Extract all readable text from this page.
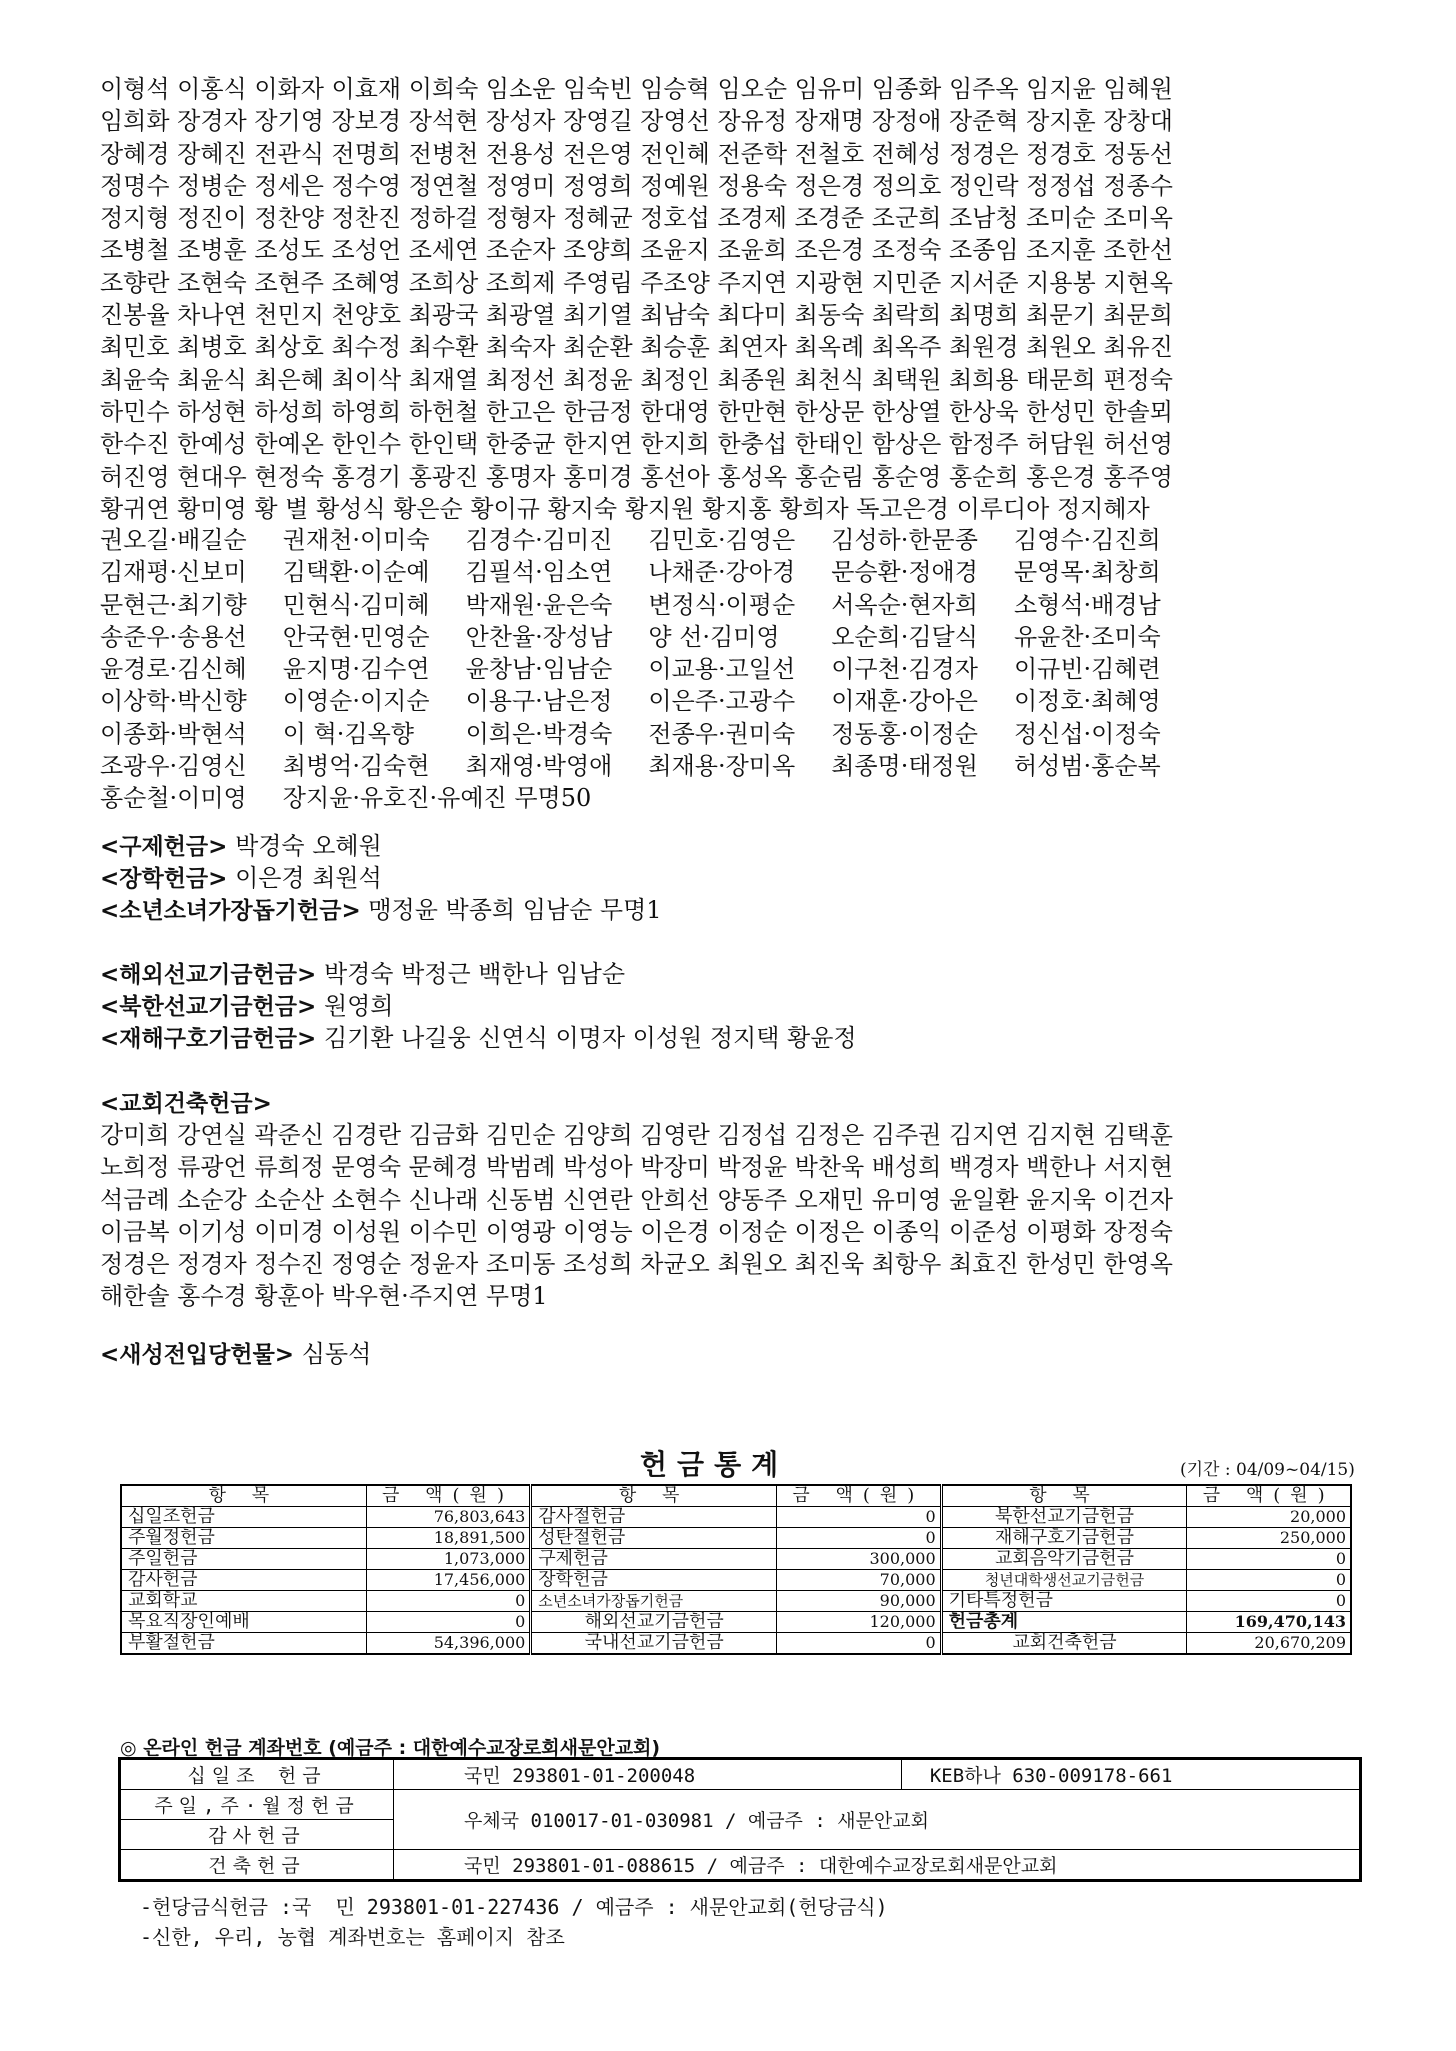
이형석 이홍식 이화자 이효재 이희숙 임소운 임숙빈 임승혁 임오순 임유미 임종화 임주옥 임지윤 임혜원
임희화 장경자 장기영 장보경 장석현 장성자 장영길 장영선 장유정 장재명 장정애 장준혁 장지훈 장창대
장혜경 장혜진 전관식 전명희 전병천 전용성 전은영 전인혜 전준학 전철호 전혜성 정경은 정경호 정동선
정명수 정병순 정세은 정수영 정연철 정영미 정영희 정예원 정용숙 정은경 정의호 정인락 정정섭 정종수
정지형 정진이 정찬양 정찬진 정하걸 정형자 정혜균 정호섭 조경제 조경준 조군희 조남청 조미순 조미옥
조병철 조병훈 조성도 조성언 조세연 조순자 조양희 조윤지 조윤희 조은경 조정숙 조종임 조지훈 조한선
조향란 조현숙 조현주 조혜영 조희상 조희제 주영림 주조양 주지연 지광현 지민준 지서준 지용봉 지현옥
진봉율 차나연 천민지 천양호 최광국 최광열 최기열 최남숙 최다미 최동숙 최락희 최명희 최문기 최문희
최민호 최병호 최상호 최수정 최수환 최숙자 최순환 최승훈 최연자 최옥례 최옥주 최원경 최원오 최유진
최윤숙 최윤식 최은혜 최이삭 최재열 최정선 최정윤 최정인 최종원 최천식 최택원 최희용 태문희 편정숙
하민수 하성현 하성희 하영희 하헌철 한고은 한금정 한대영 한만현 한상문 한상열 한상욱 한성민 한솔뫼
한수진 한예성 한예온 한인수 한인택 한중균 한지연 한지희 한충섭 한태인 함상은 함정주 허담원 허선영
허진영 현대우 현정숙 홍경기 홍광진 홍명자 홍미경 홍선아 홍성옥 홍순림 홍순영 홍순희 홍은경 홍주영
황귀연 황미영 황 별 황성식 황은순 황이규 황지숙 황지원 황지홍 황희자 독고은경 이루디아 정지혜자
권오길·배길순	권재천·이미숙	김경수·김미진	김민호·김영은	김성하·한문종	김영수·김진희
김재평·신보미	김택환·이순예	김필석·임소연	나채준·강아경	문승환·정애경	문영목·최창희
문현근·최기향	민현식·김미혜	박재원·윤은숙	변정식·이평순	서옥순·현자희	소형석·배경남
송준우·송용선	안국현·민영순	안찬율·장성남	양 선·김미영	오순희·김달식	유윤찬·조미숙
윤경로·김신혜	윤지명·김수연	윤창남·임남순	이교용·고일선	이구천·김경자	이규빈·김혜련
이상학·박신향	이영순·이지순	이용구·남은정	이은주·고광수	이재훈·강아은	이정호·최혜영
이종화·박현석	이 혁·김옥향	이희은·박경숙	전종우·권미숙	정동홍·이정순	정신섭·이정숙
조광우·김영신	최병억·김숙현	최재영·박영애	최재용·장미옥	최종명·태정원	허성범·홍순복
홍순철·이미영	장지윤·유호진·유예진 무명50
<구제헌금> 박경숙 오혜원
<장학헌금> 이은경 최원석
<소년소녀가장돕기헌금> 맹정윤 박종희 임남순 무명1
<해외선교기금헌금> 박경숙 박정근 백한나 임남순
<북한선교기금헌금> 원영희
<재해구호기금헌금> 김기환 나길웅 신연식 이명자 이성원 정지택 황윤정
<교회건축헌금>
강미희 강연실 곽준신 김경란 김금화 김민순 김양희 김영란 김정섭 김정은 김주권 김지연 김지현 김택훈
노희정 류광언 류희정 문영숙 문혜경 박범례 박성아 박장미 박정윤 박찬욱 배성희 백경자 백한나 서지현
석금례 소순강 소순산 소현수 신나래 신동범 신연란 안희선 양동주 오재민 유미영 윤일환 윤지욱 이건자
이금복 이기성 이미경 이성원 이수민 이영광 이영능 이은경 이정순 이정은 이종익 이준성 이평화 장정숙
정경은 정경자 정수진 정영순 정윤자 조미동 조성희 차균오 최원오 최진욱 최항우 최효진 한성민 한영옥
해한솔 홍수경 황훈아 박우현·주지연 무명1
<새성전입당헌물> 심동석
헌금통계	(기간 : 04/09~04/15)
항 목	금 액(원)	항 목	금 액(원)	항 목	금 액(원)
십일조헌금	76,803,643	감사절헌금	0	북한선교기금헌금	20,000
주월정헌금	18,891,500	성탄절헌금	0	재해구호기금헌금	250,000
주일헌금	1,073,000	구제헌금	300,000	교회음악기금헌금	0
감사헌금	17,456,000	장학헌금	70,000	청년대학생선교기금헌금	0
교회학교	0	소년소녀가장돕기헌금	90,000	기타특정헌금	0
목요직장인예배	0	해외선교기금헌금	120,000	헌금총계	169,470,143
부활절헌금	54,396,000	국내선교기금헌금	0	교회건축헌금	20,670,209
◎ 온라인 헌금 계좌번호 (예금주 : 대한예수교장로회새문안교회)
십일조 헌금	국민 293801-01-200048	KEB하나 630-009178-661
주일,주·월정헌금	우체국 010017-01-030981 / 예금주 : 새문안교회	
감사헌금		
건축헌금	국민 293801-01-088615 / 예금주 : 대한예수교장로회새문안교회	
-헌당금식헌금 :국  민 293801-01-227436 / 예금주 : 새문안교회(헌당금식)
-신한, 우리, 농협 계좌번호는 홈페이지 참조
